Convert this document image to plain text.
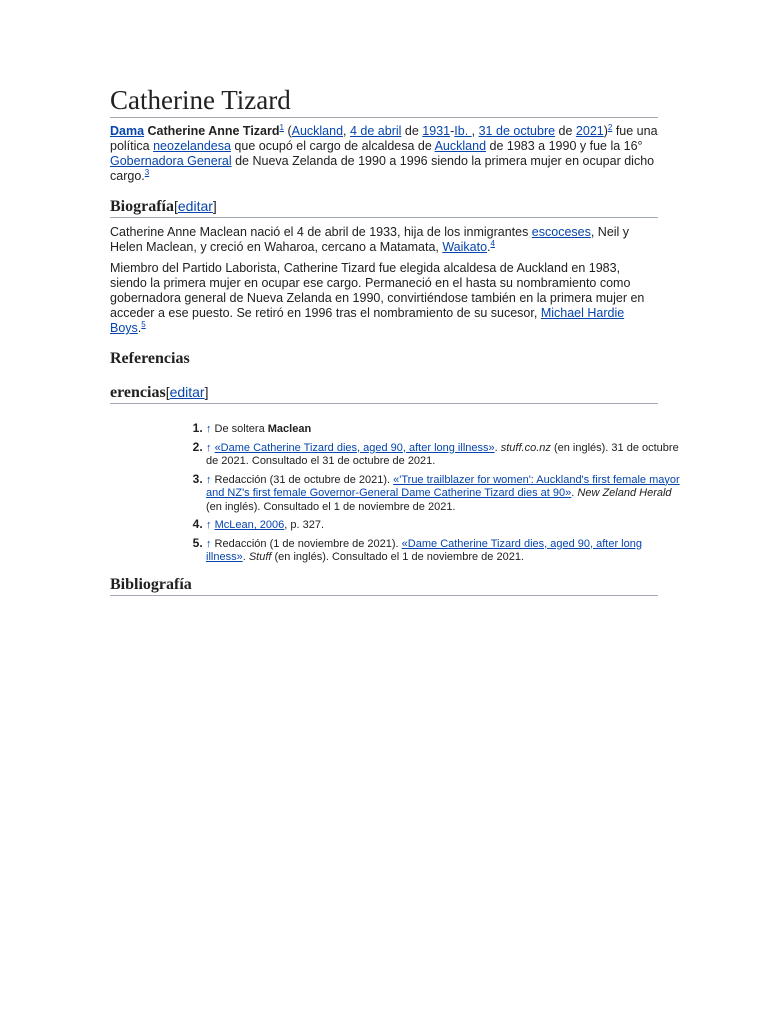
Catherine Tizard

Dama Catherine Anne Tizard$^1$ (Auckland, 4 de abril de 1931-Ib. , 31 de octubre de 2021)$^2$ fue una política neozelandesa que ocupó el cargo de alcaldesa de Auckland de 1983 a 1990 y fue la 16° Gobernadora General de Nueva Zelanda de 1990 a 1996 siendo la primera mujer en ocupar dicho cargo.$^3$

Biografía[editar]

Catherine Anne Maclean nació el 4 de abril de 1933, hija de los inmigrantes escoceses, Neil y Helen Maclean, y creció en Waharoa, cercano a Matamata, Waikato.$^4$

Miembro del Partido Laborista, Catherine Tizard fue elegida alcaldesa de Auckland en 1983, siendo la primera mujer en ocupar ese cargo. Permaneció en el hasta su nombramiento como gobernadora general de Nueva Zelanda en 1990, convirtiéndose también en la primera mujer en acceder a ese puesto. Se retiró en 1996 tras el nombramiento de su sucesor, Michael Hardie Boys.$^5$

Referencias
erencias[editar]
1. ↑ De soltera Maclean
2. ↑ «Dame Catherine Tizard dies, aged 90, after long illness». stuff.co.nz (en inglés). 31 de octubre de 2021. Consultado el 31 de octubre de 2021.
3. ↑ Redacción (31 de octubre de 2021). «'True trailblazer for women': Auckland's first female mayor and NZ's first female Governor-General Dame Catherine Tizard dies at 90». New Zeland Herald (en inglés). Consultado el 1 de noviembre de 2021.
4. ↑ McLean, 2006, p. 327.
5. ↑ Redacción (1 de noviembre de 2021). «Dame Catherine Tizard dies, aged 90, after long illness». Stuff (en inglés). Consultado el 1 de noviembre de 2021.
Bibliografía
